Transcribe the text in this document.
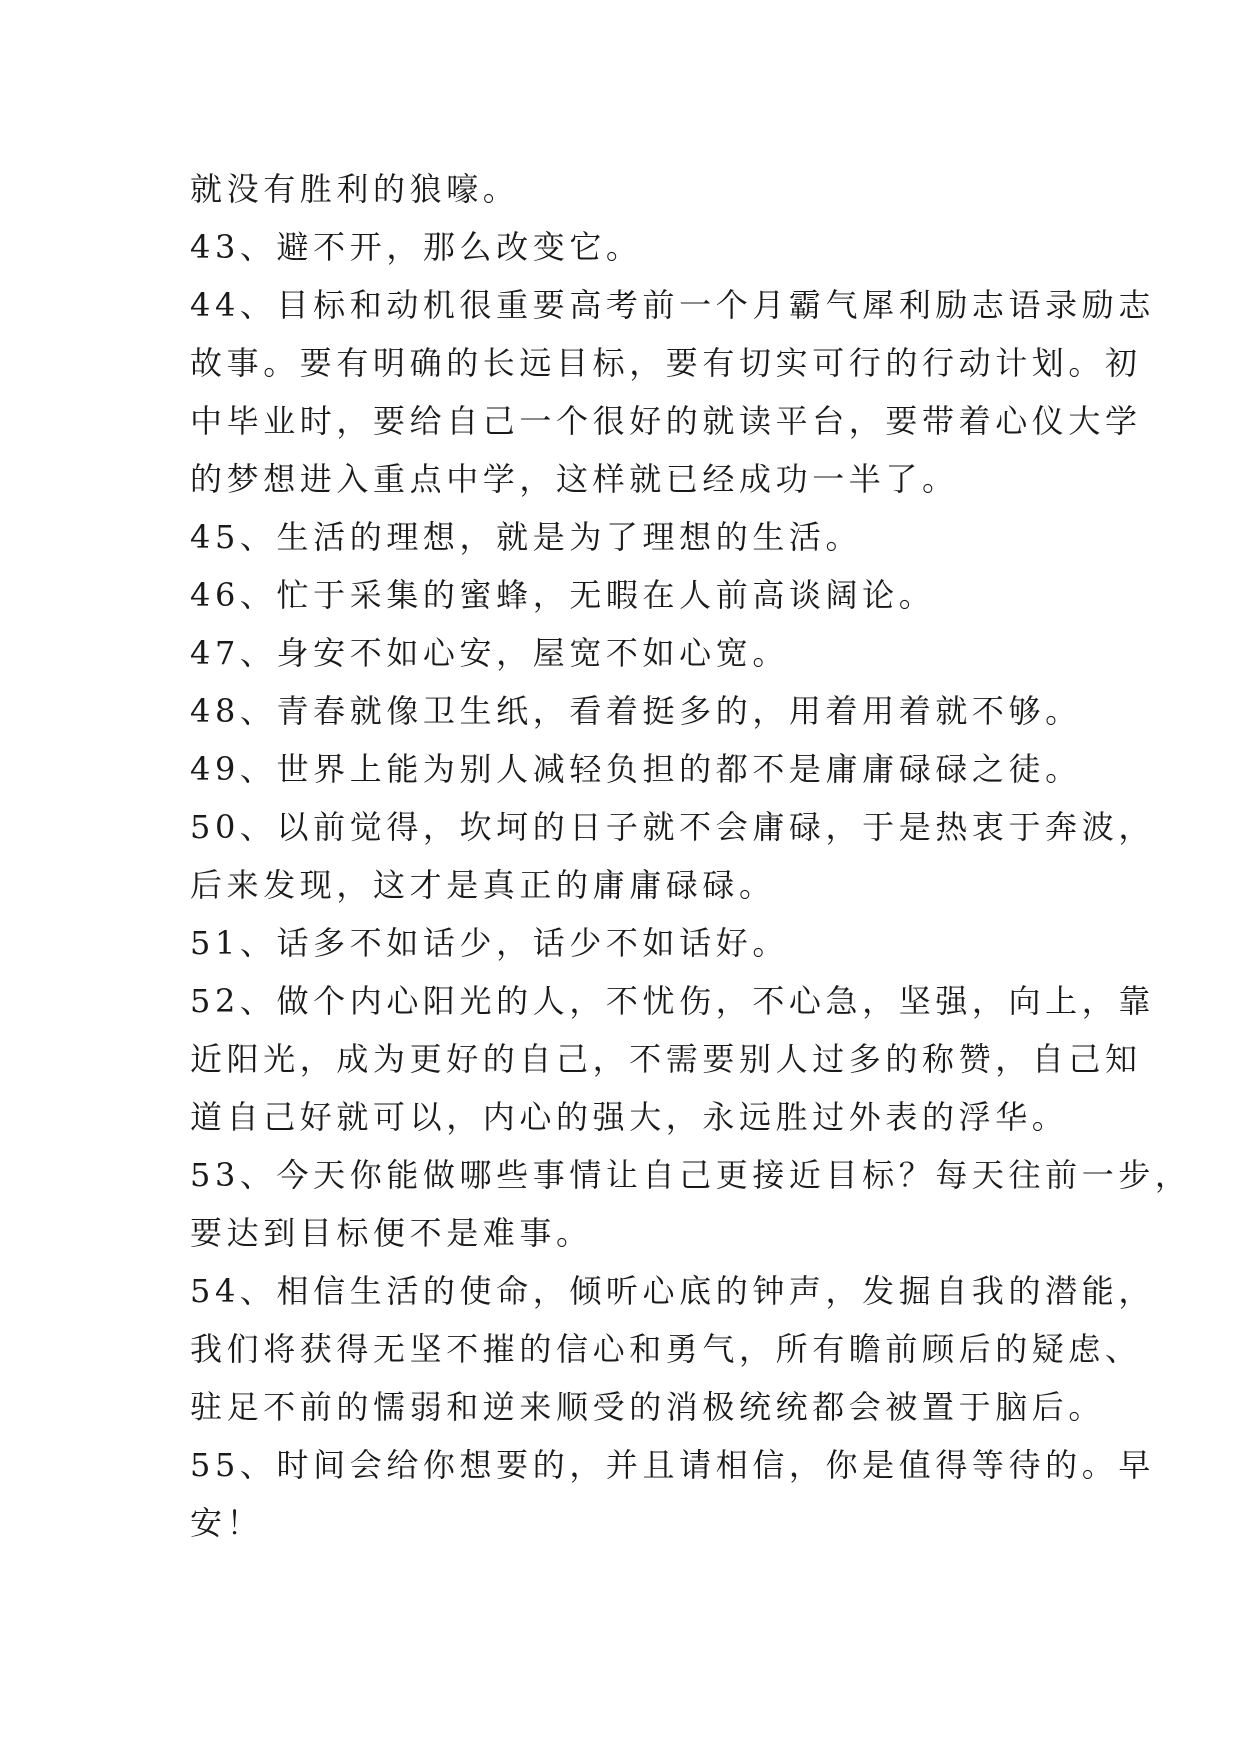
就没有胜利的狼嚎。
43、避不开，那么改变它。
44、目标和动机很重要高考前一个月霸气犀利励志语录励志
故事。要有明确的长远目标，要有切实可行的行动计划。初
中毕业时，要给自己一个很好的就读平台，要带着心仪大学
的梦想进入重点中学，这样就已经成功一半了。
45、生活的理想，就是为了理想的生活。
46、忙于采集的蜜蜂，无暇在人前高谈阔论。
47、身安不如心安，屋宽不如心宽。
48、青春就像卫生纸，看着挺多的，用着用着就不够。
49、世界上能为别人减轻负担的都不是庸庸碌碌之徒。
50、以前觉得，坎坷的日子就不会庸碌，于是热衷于奔波，
后来发现，这才是真正的庸庸碌碌。
51、话多不如话少，话少不如话好。
52、做个内心阳光的人，不忧伤，不心急，坚强，向上，靠
近阳光，成为更好的自己，不需要别人过多的称赞，自己知
道自己好就可以，内心的强大，永远胜过外表的浮华。
53、今天你能做哪些事情让自己更接近目标？每天往前一步，
要达到目标便不是难事。
54、相信生活的使命，倾听心底的钟声，发掘自我的潜能，
我们将获得无坚不摧的信心和勇气，所有瞻前顾后的疑虑、
驻足不前的懦弱和逆来顺受的消极统统都会被置于脑后。
55、时间会给你想要的，并且请相信，你是值得等待的。早
安！
